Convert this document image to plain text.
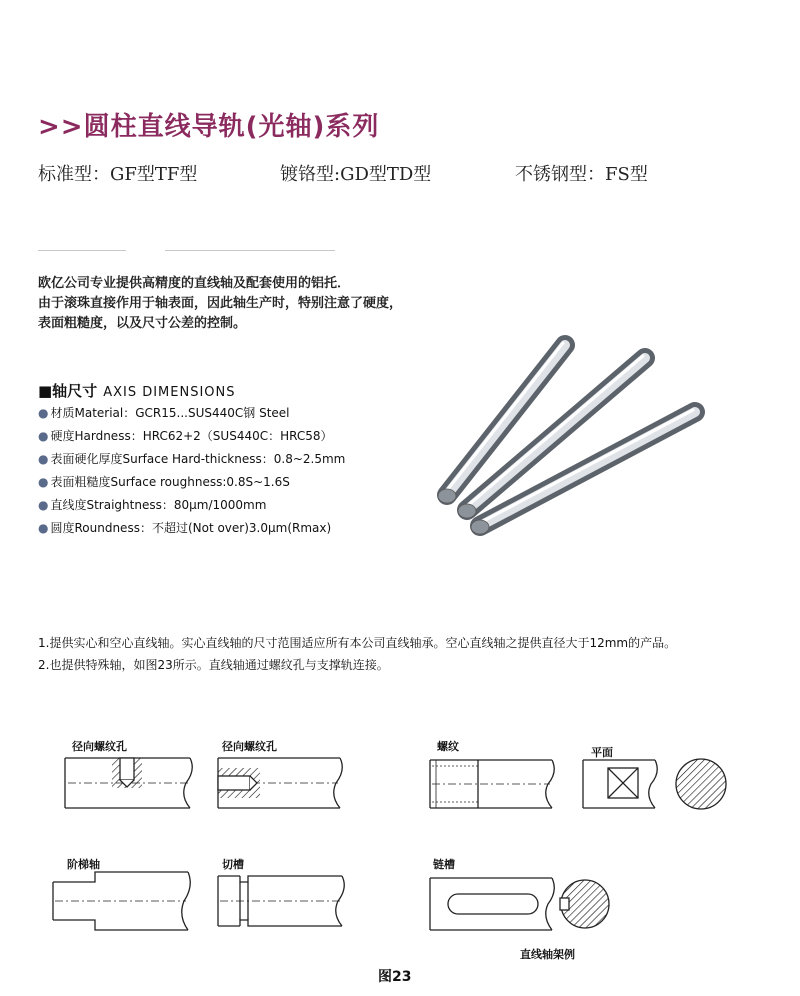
>>圆柱直线导轨(光轴)系列
标准型：GF型TF型	镀铬型:GD型TD型	不锈钢型：FS型
欧亿公司专业提供高精度的直线轴及配套使用的铝托．
由于滚珠直接作用于轴表面，因此轴生产时，特别注意了硬度，
表面粗糙度，以及尺寸公差的控制。
■轴尺寸 AXIS DIMENSIONS
● 材质Material：GCR15...SUS440C钢 Steel
● 硬度Hardness：HRC62+2（SUS440C：HRC58）
● 表面硬化厚度Surface Hard-thickness：0.8~2.5mm
● 表面粗糙度Surface roughness:0.8S~1.6S
● 直线度Straightness：80μm/1000mm
● 圆度Roundness：不超过(Not over)3.0μm(Rmax)
1.提供实心和空心直线轴。实心直线轴的尺寸范围适应所有本公司直线轴承。空心直线轴之提供直径大于12mm的产品。
2.也提供特殊轴，如图23所示。直线轴通过螺纹孔与支撑轨连接。
径向螺纹孔	径向螺纹孔	螺纹	平面
阶梯轴	切槽	链槽
直线轴架例
图23
